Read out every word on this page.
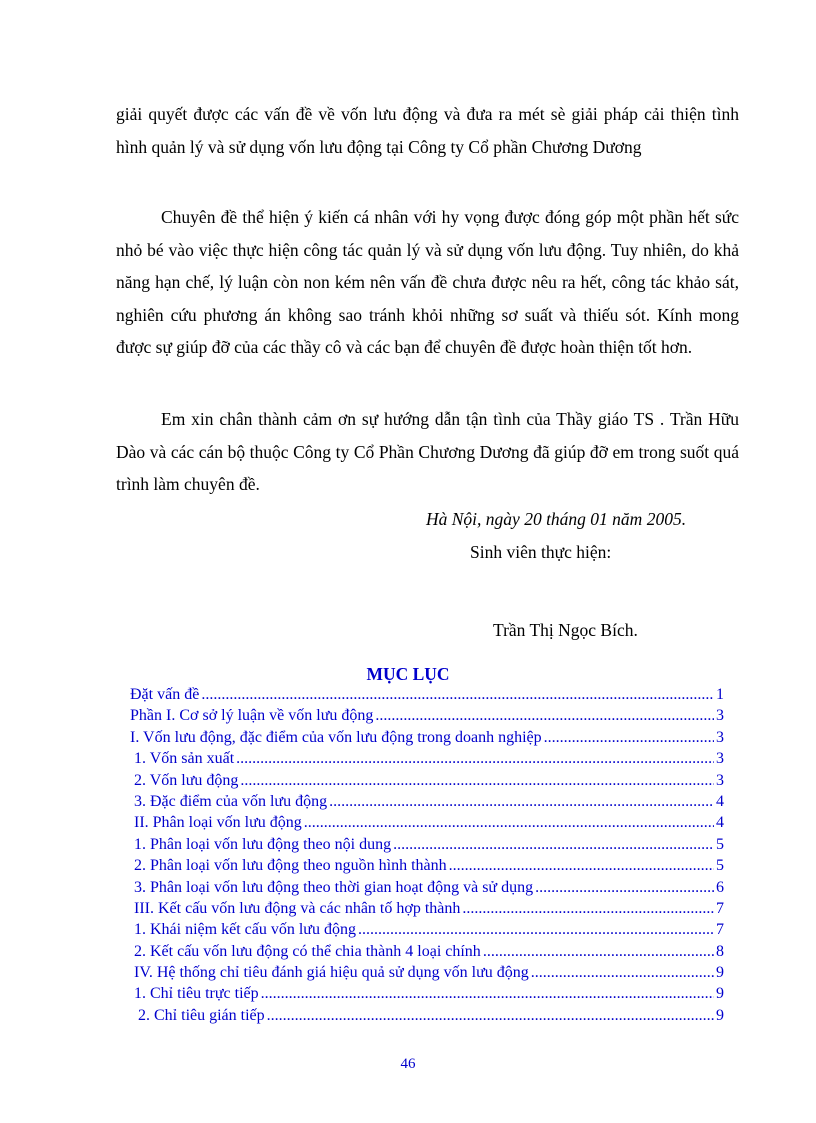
giải quyết được các vấn đề về vốn lưu động và đưa ra mét sè giải pháp cải thiện tình hình quản lý và sử dụng vốn lưu động tại Công ty Cổ phần Chương Dương

Chuyên đề thể hiện ý kiến cá nhân với hy vọng được đóng góp một phần hết sức nhỏ bé vào việc thực hiện công tác quản lý và sử dụng vốn lưu động. Tuy nhiên, do khả năng hạn chế, lý luận còn non kém nên vấn đề chưa được nêu ra hết, công tác khảo sát, nghiên cứu phương án không sao tránh khỏi những sơ suất và thiếu sót. Kính mong được sự giúp đỡ của các thầy cô và các bạn để chuyên đề được hoàn thiện tốt hơn.

Em xin chân thành cảm ơn sự hướng dẫn tận tình của Thầy giáo TS . Trần Hữu Dào và các cán bộ thuộc Công ty Cổ Phần Chương Dương đã giúp đỡ em trong suốt quá trình làm chuyên đề.

Hà Nội, ngày 20 tháng 01 năm 2005.
Sinh viên thực hiện:
Trần Thị Ngọc Bích.
MỤC LỤC
Đặt vấn đề .....	1
Phần I. Cơ sở lý luận về vốn lưu động .....	3
I. Vốn lưu động, đặc điểm của vốn lưu động trong doanh nghiệp .....	3
1. Vốn sản xuất .....	3
2. Vốn lưu động .....	3
3. Đặc điểm của vốn lưu động .....	4
II. Phân loại vốn lưu động .....	4
1. Phân loại vốn lưu động theo nội dung .....	5
2. Phân loại vốn lưu động theo nguồn hình thành .....	5
3. Phân loại vốn lưu động theo thời gian hoạt động và sử dụng .....	6
III. Kết cấu vốn lưu động và các nhân tố hợp thành .....	7
1. Khái niệm kết cấu vốn lưu động .....	7
2. Kết cấu vốn lưu động có thể chia thành 4 loại chính .....	8
IV. Hệ thống chỉ tiêu đánh giá hiệu quả sử dụng vốn lưu động .....	9
1. Chỉ tiêu trực tiếp .....	9
2. Chỉ tiêu gián tiếp .....	9
46
